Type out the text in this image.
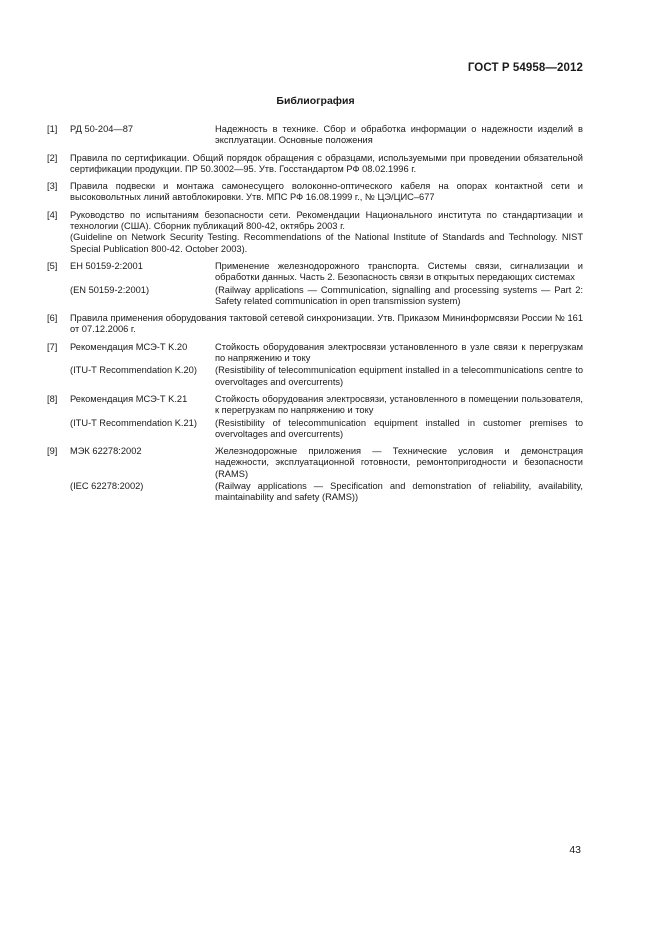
ГОСТ Р 54958—2012
Библиография
[1]	РД 50-204—87	Надежность в технике. Сбор и обработка информации о надежности изделий в эксплуатации. Основные положения
[2]	Правила по сертификации. Общий порядок обращения с образцами, используемыми при проведении обязательной сертификации продукции. ПР 50.3002—95. Утв. Госстандартом РФ 08.02.1996 г.
[3]	Правила подвески и монтажа самонесущего волоконно-оптического кабеля на опорах контактной сети и высоковольтных линий автоблокировки. Утв. МПС РФ 16.08.1999 г., № ЦЭ/ЦИС–677
[4]	Руководство по испытаниям безопасности сети. Рекомендации Национального института по стандартизации и технологии (США). Сборник публикаций 800-42, октябрь 2003 г.
(Guideline on Network Security Testing. Recommendations of the National Institute of Standards and Technology. NIST Special Publication 800-42. October 2003).
[5]	ЕН 50159-2:2001	Применение железнодорожного транспорта. Системы связи, сигнализации и обработки данных. Часть 2. Безопасность связи в открытых передающих системах
(EN 50159-2:2001)	(Railway applications — Communication, signalling and processing systems — Part 2: Safety related communication in open transmission system)
[6]	Правила применения оборудования тактовой сетевой синхронизации. Утв. Приказом Мининформсвязи России № 161 от 07.12.2006 г.
[7]	Рекомендация МСЭ-Т K.20	Стойкость оборудования электросвязи установленного в узле связи к перегрузкам по напряжению и току
(ITU-T Recommendation K.20)	(Resistibility of telecommunication equipment installed in a telecommunications centre to overvoltages and overcurrents)
[8]	Рекомендация МСЭ-Т K.21	Стойкость оборудования электросвязи, установленного в помещении пользователя, к перегрузкам по напряжению и току
(ITU-T Recommendation K.21)	(Resistibility of telecommunication equipment installed in customer premises to overvoltages and overcurrents)
[9]	МЭК 62278:2002	Железнодорожные приложения — Технические условия и демонстрация надежности, эксплуатационной готовности, ремонтопригодности и безопасности (RAMS)
(IEC 62278:2002)	(Railway applications — Specification and demonstration of reliability, availability, maintainability and safety (RAMS))
43
